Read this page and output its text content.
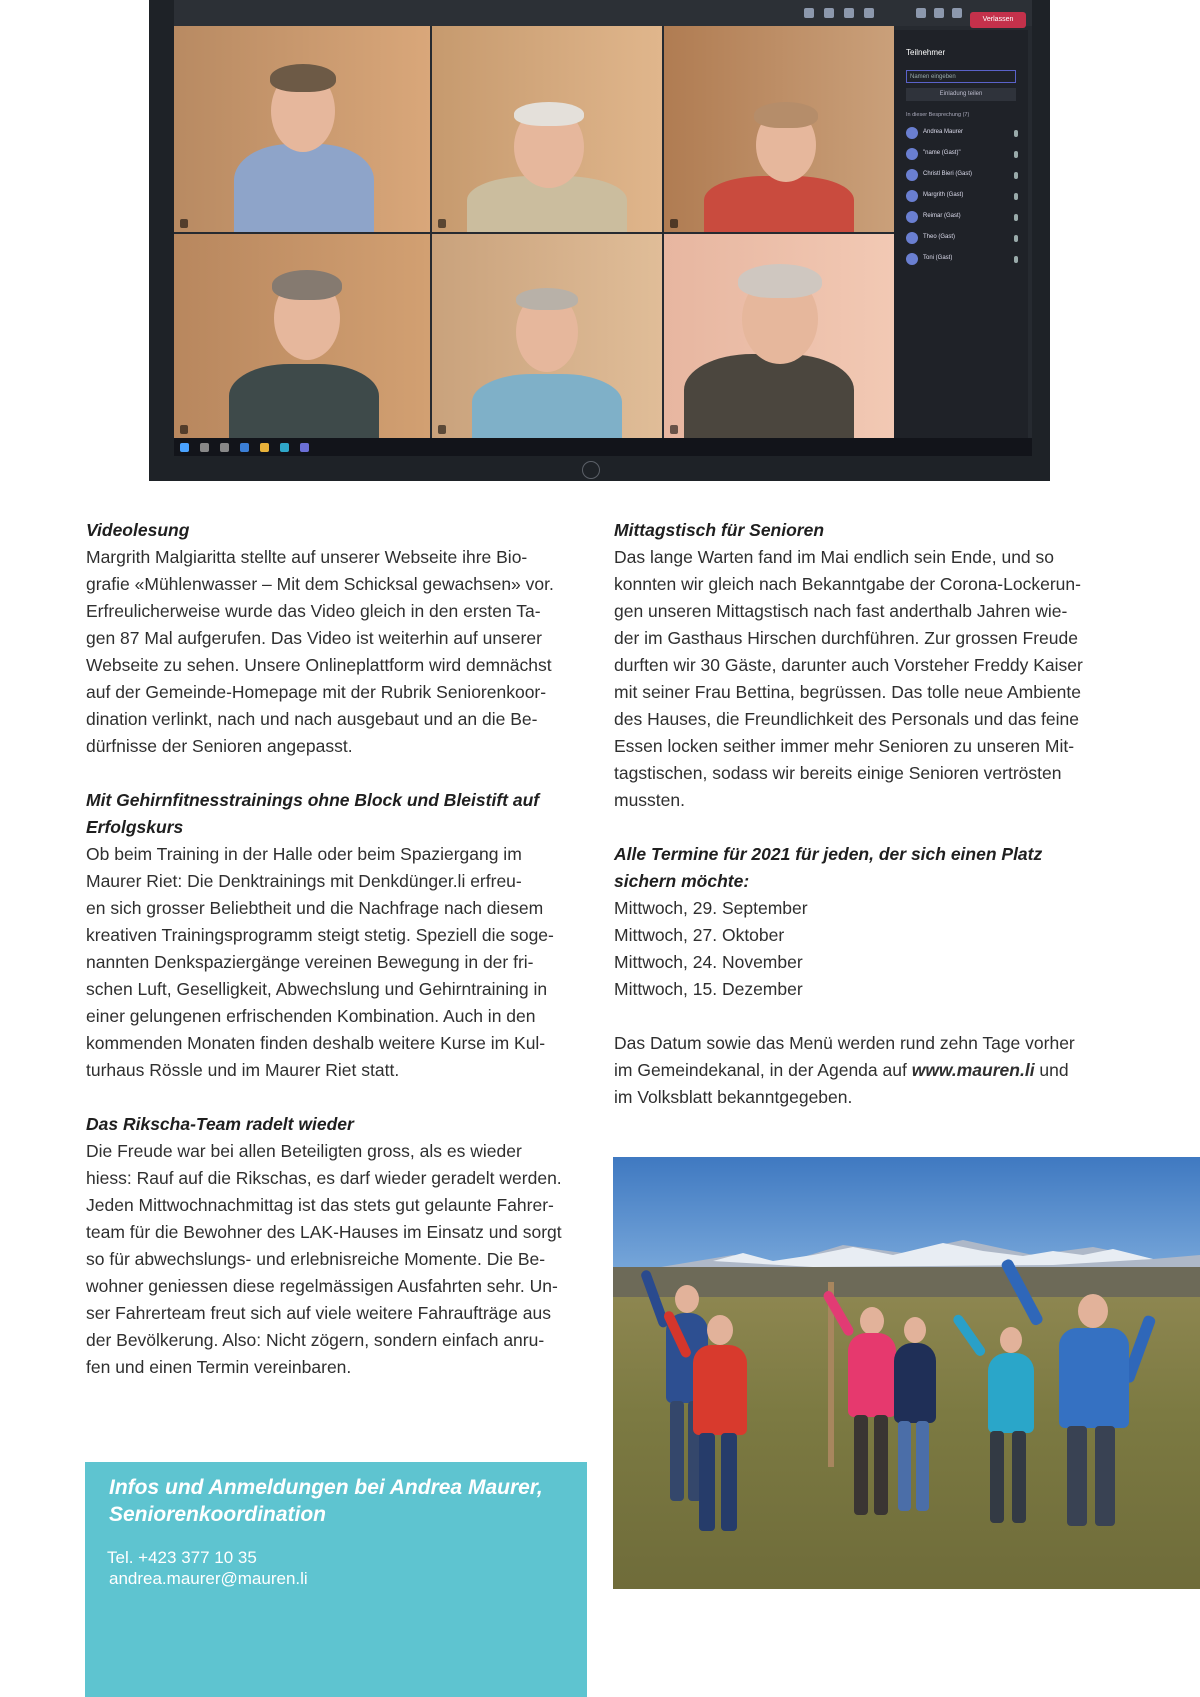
Verlassen
Teilnehmer
Namen eingeben
Einladung teilen
In dieser Besprechung (7)
Andrea Maurer
"name (Gast)"
Christl Bieri (Gast)
Margrith (Gast)
Reimar (Gast)
Theo (Gast)
Toni (Gast)

Videolesung

Margrith Malgiaritta stellte auf unserer Webseite ihre Bio-
grafie «Mühlenwasser – Mit dem Schicksal gewachsen» vor.
Erfreulicherweise wurde das Video gleich in den ersten Ta-
gen 87 Mal aufgerufen. Das Video ist weiterhin auf unserer
Webseite zu sehen. Unsere Onlineplattform wird demnächst
auf der Gemeinde-Homepage mit der Rubrik Seniorenkoor-
dination verlinkt, nach und nach ausgebaut und an die Be-
dürfnisse der Senioren angepasst.

Mit Gehirnfitnesstrainings ohne Block und Bleistift auf
Erfolgskurs

Ob beim Training in der Halle oder beim Spaziergang im
Maurer Riet: Die Denktrainings mit Denkdünger.li erfreu-
en sich grosser Beliebtheit und die Nachfrage nach diesem
kreativen Trainingsprogramm steigt stetig. Speziell die soge-
nannten Denkspaziergänge vereinen Bewegung in der fri-
schen Luft, Geselligkeit, Abwechslung und Gehirntraining in
einer gelungenen erfrischenden Kombination. Auch in den
kommenden Monaten finden deshalb weitere Kurse im Kul-
turhaus Rössle und im Maurer Riet statt.

Das Rikscha-Team radelt wieder

Die Freude war bei allen Beteiligten gross, als es wieder
hiess: Rauf auf die Rikschas, es darf wieder geradelt werden.
Jeden Mittwochnachmittag ist das stets gut gelaunte Fahrer-
team für die Bewohner des LAK-Hauses im Einsatz und sorgt
so für abwechslungs- und erlebnisreiche Momente. Die Be-
wohner geniessen diese regelmässigen Ausfahrten sehr. Un-
ser Fahrerteam freut sich auf viele weitere Fahraufträge aus
der Bevölkerung. Also: Nicht zögern, sondern einfach anru-
fen und einen Termin vereinbaren.

Mittagstisch für Senioren

Das lange Warten fand im Mai endlich sein Ende, und so
konnten wir gleich nach Bekanntgabe der Corona-Lockerun-
gen unseren Mittagstisch nach fast anderthalb Jahren wie-
der im Gasthaus Hirschen durchführen. Zur grossen Freude
durften wir 30 Gäste, darunter auch Vorsteher Freddy Kaiser
mit seiner Frau Bettina, begrüssen. Das tolle neue Ambiente
des Hauses, die Freundlichkeit des Personals und das feine
Essen locken seither immer mehr Senioren zu unseren Mit-
tagstischen, sodass wir bereits einige Senioren vertrösten
mussten.

Alle Termine für 2021 für jeden, der sich einen Platz
sichern möchte:

Mittwoch, 29. September
Mittwoch, 27. Oktober
Mittwoch, 24. November
Mittwoch, 15. Dezember
Das Datum sowie das Menü werden rund zehn Tage vorher
im Gemeindekanal, in der Agenda auf www.mauren.li und
im Volksblatt bekanntgegeben.
Infos und Anmeldungen bei Andrea Maurer, Seniorenkoordination
Tel. +423 377 10 35
andrea.maurer@mauren.li
